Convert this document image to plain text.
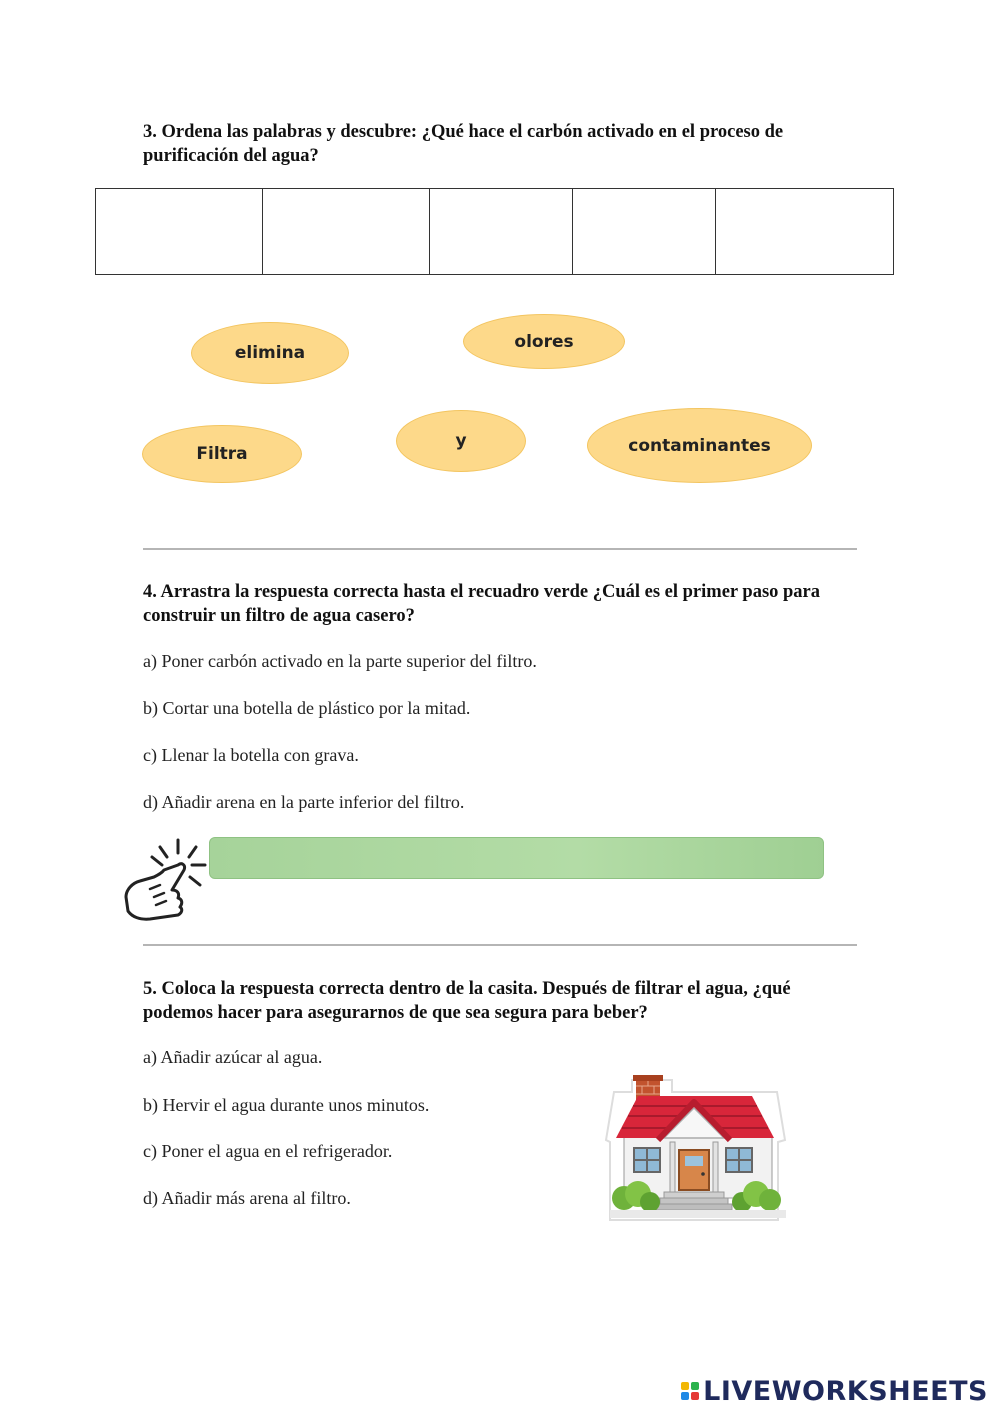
3. Ordena las palabras y descubre: ¿Qué hace el carbón activado en el proceso de purificación del agua?

elimina
olores
Filtra
y	contaminantes
4. Arrastra la respuesta correcta hasta el recuadro verde ¿Cuál es el primer paso para construir un filtro de agua casero?
a) Poner carbón activado en la parte superior del filtro.
b) Cortar una botella de plástico por la mitad.
c) Llenar la botella con grava.
d) Añadir arena en la parte inferior del filtro.
5. Coloca la respuesta correcta dentro de la casita. Después de filtrar el agua, ¿qué podemos hacer para asegurarnos de que sea segura para beber?
a) Añadir azúcar al agua.
b) Hervir el agua durante unos minutos.
c) Poner el agua en el refrigerador.
d) Añadir más arena al filtro.
LIVEWORKSHEETS
